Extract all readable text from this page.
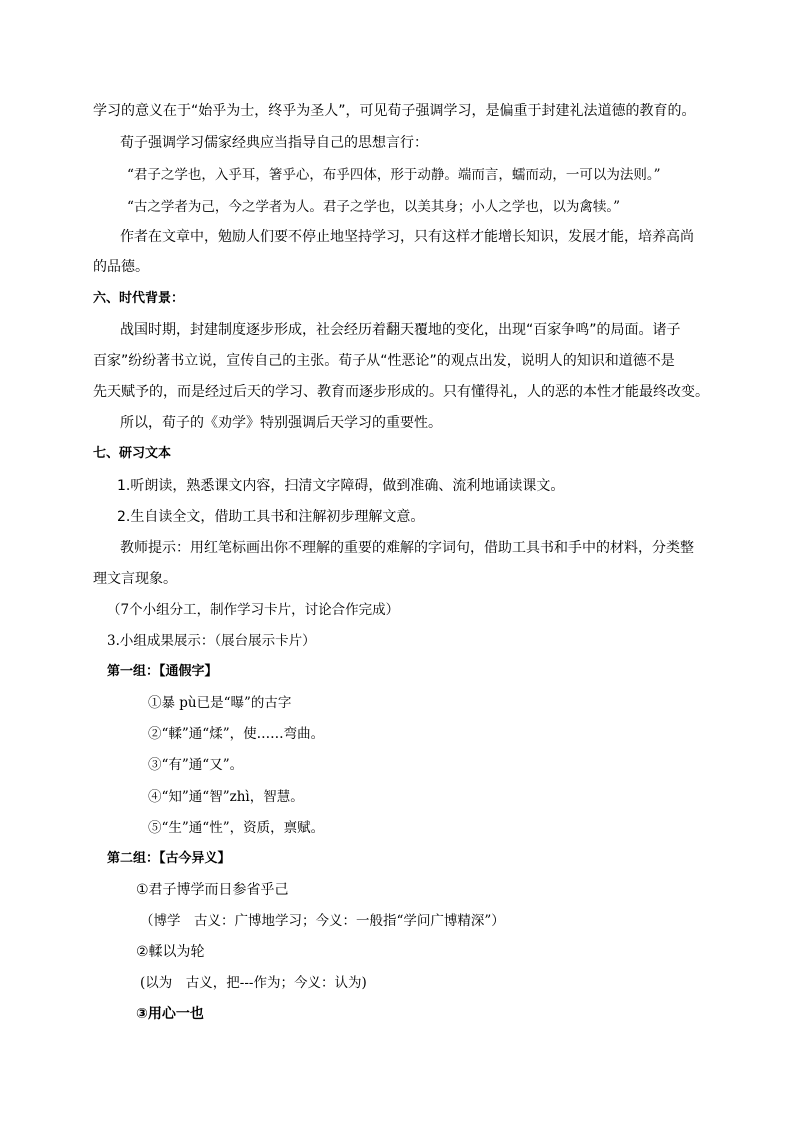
学习的意义在于“始乎为士，终乎为圣人”，可见荀子强调学习，是偏重于封建礼法道德的教育的。
荀子强调学习儒家经典应当指导自己的思想言行：
“君子之学也，入乎耳，箸乎心，布乎四体，形于动静。端而言，蠕而动，一可以为法则。”
“古之学者为己，今之学者为人。君子之学也，以美其身；小人之学也，以为禽犊。”
作者在文章中，勉励人们要不停止地坚持学习，只有这样才能增长知识，发展才能，培养高尚
的品德。
六、时代背景：
战国时期，封建制度逐步形成，社会经历着翻天覆地的变化，出现“百家争鸣”的局面。诸子
百家”纷纷著书立说，宣传自己的主张。荀子从“性恶论”的观点出发，说明人的知识和道德不是
先天赋予的，而是经过后天的学习、教育而逐步形成的。只有懂得礼，人的恶的本性才能最终改变。
所以，荀子的《劝学》特别强调后天学习的重要性。
七、研习文本
1.听朗读，熟悉课文内容，扫清文字障碍，做到准确、流利地诵读课文。
2.生自读全文，借助工具书和注解初步理解文意。
教师提示：用红笔标画出你不理解的重要的难解的字词句，借助工具书和手中的材料，分类整
理文言现象。
（7个小组分工，制作学习卡片，讨论合作完成）
3.小组成果展示：（展台展示卡片）
第一组：【通假字】
①暴 pù已是“曝”的古字
②“輮”通“煣”，使……弯曲。
③“有”通“又”。
④“知”通“智”zhì，智慧。
⑤“生”通“性”，资质，禀赋。
第二组：【古今异义】
①君子博学而日参省乎己
（博学　古义：广博地学习；今义：一般指“学问广博精深”）
②輮以为轮
(以为　古义，把---作为；今义：认为)
③用心一也
